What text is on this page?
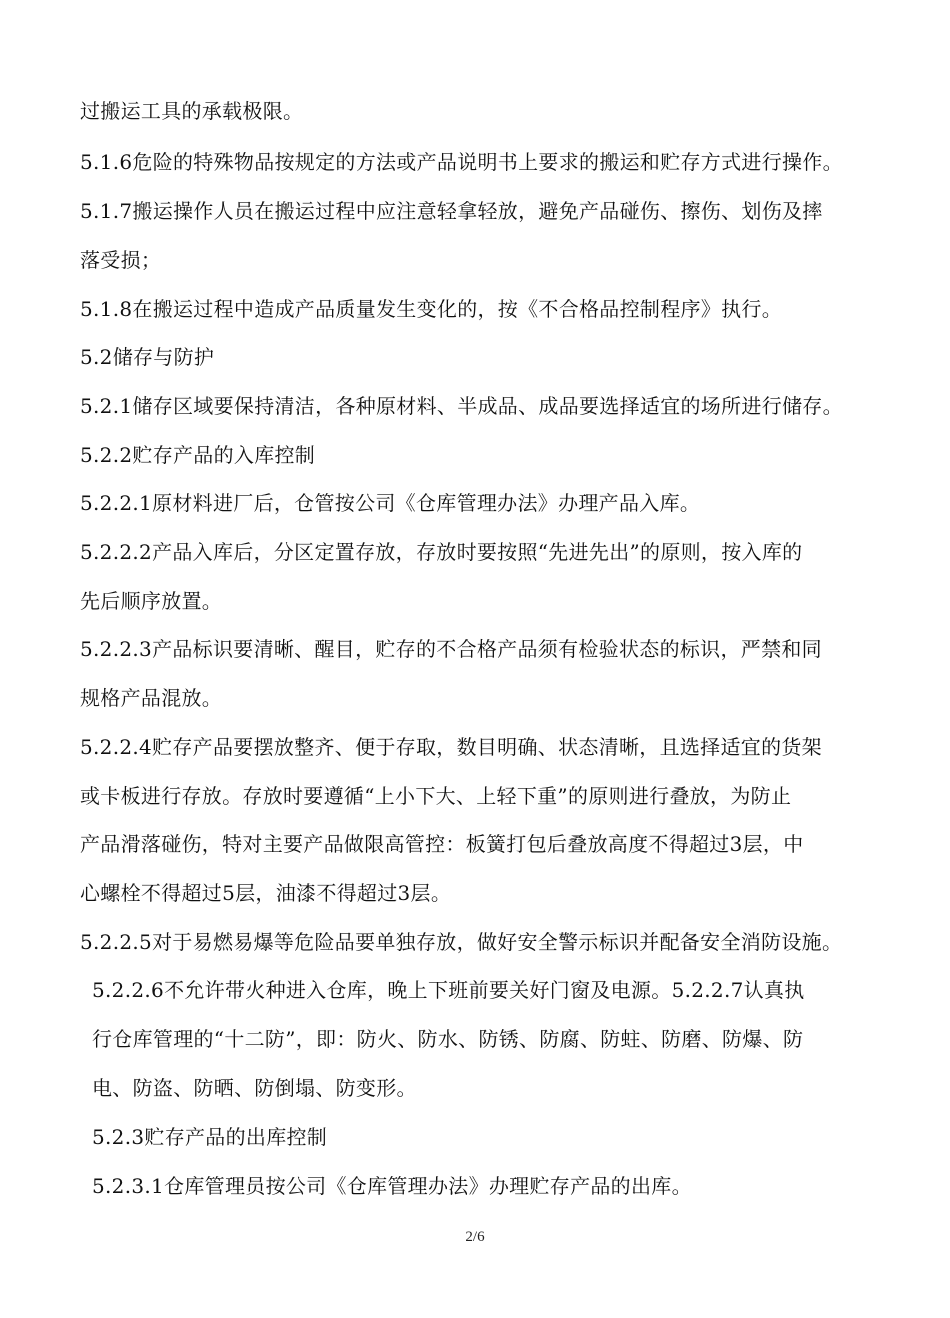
过搬运工具的承载极限。
5.1.6危险的特殊物品按规定的方法或产品说明书上要求的搬运和贮存方式进行操作。
5.1.7搬运操作人员在搬运过程中应注意轻拿轻放，避免产品碰伤、擦伤、划伤及摔
落受损；
5.1.8在搬运过程中造成产品质量发生变化的，按《不合格品控制程序》执行。
5.2储存与防护
5.2.1储存区域要保持清洁，各种原材料、半成品、成品要选择适宜的场所进行储存。
5.2.2贮存产品的入库控制
5.2.2.1原材料进厂后，仓管按公司《仓库管理办法》办理产品入库。
5.2.2.2产品入库后，分区定置存放，存放时要按照“先进先出”的原则，按入库的
先后顺序放置。
5.2.2.3产品标识要清晰、醒目，贮存的不合格产品须有检验状态的标识，严禁和同
规格产品混放。
5.2.2.4贮存产品要摆放整齐、便于存取，数目明确、状态清晰，且选择适宜的货架
或卡板进行存放。存放时要遵循“上小下大、上轻下重”的原则进行叠放，为防止
产品滑落碰伤，特对主要产品做限高管控：板簧打包后叠放高度不得超过3层，中
心螺栓不得超过5层，油漆不得超过3层。
5.2.2.5对于易燃易爆等危险品要单独存放，做好安全警示标识并配备安全消防设施。
5.2.2.6不允许带火种进入仓库，晚上下班前要关好门窗及电源。5.2.2.7认真执
行仓库管理的“十二防”，即：防火、防水、防锈、防腐、防蛀、防磨、防爆、防
电、防盗、防晒、防倒塌、防变形。
5.2.3贮存产品的出库控制
5.2.3.1仓库管理员按公司《仓库管理办法》办理贮存产品的出库。
2/6
